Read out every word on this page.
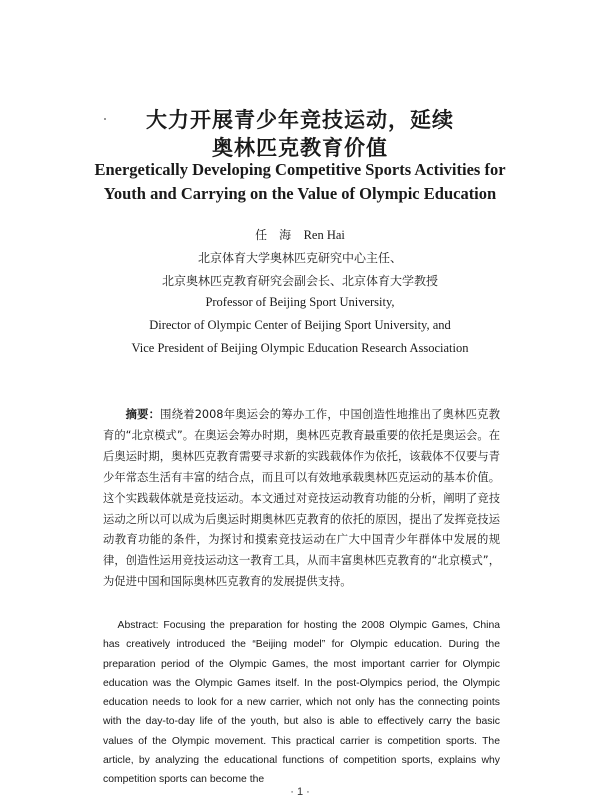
大力开展青少年竞技运动，延续
奥林匹克教育价值
Energetically Developing Competitive Sports Activities for
Youth and Carrying on the Value of Olympic Education
任　海 Ren Hai
北京体育大学奥林匹克研究中心主任、
北京奥林匹克教育研究会副会长、北京体育大学教授
Professor of Beijing Sport University,
Director of Olympic Center of Beijing Sport University, and
Vice President of Beijing Olympic Education Research Association

摘要：围绕着2008年奥运会的筹办工作，中国创造性地推出了奥林匹克教育的“北京模式”。在奥运会筹办时期，奥林匹克教育最重要的依托是奥运会。在后奥运时期，奥林匹克教育需要寻求新的实践载体作为依托，该载体不仅要与青少年常态生活有丰富的结合点，而且可以有效地承载奥林匹克运动的基本价值。这个实践载体就是竞技运动。本文通过对竞技运动教育功能的分析，阐明了竞技运动之所以可以成为后奥运时期奥林匹克教育的依托的原因，提出了发挥竞技运动教育功能的条件，为探讨和摸索竞技运动在广大中国青少年群体中发展的规律，创造性运用竞技运动这一教育工具，从而丰富奥林匹克教育的“北京模式”，为促进中国和国际奥林匹克教育的发展提供支持。

Abstract: Focusing the preparation for hosting the 2008 Olympic Games, China has creatively introduced the “Beijing model” for Olympic education. During the preparation period of the Olympic Games, the most important carrier for Olympic education was the Olympic Games itself. In the post-Olympics period, the Olympic education needs to look for a new carrier, which not only has the connecting points with the day-to-day life of the youth, but also is able to effectively carry the basic values of the Olympic movement. This practical carrier is competition sports. The article, by analyzing the educational functions of competition sports, explains why competition sports can become the

· 1 ·
